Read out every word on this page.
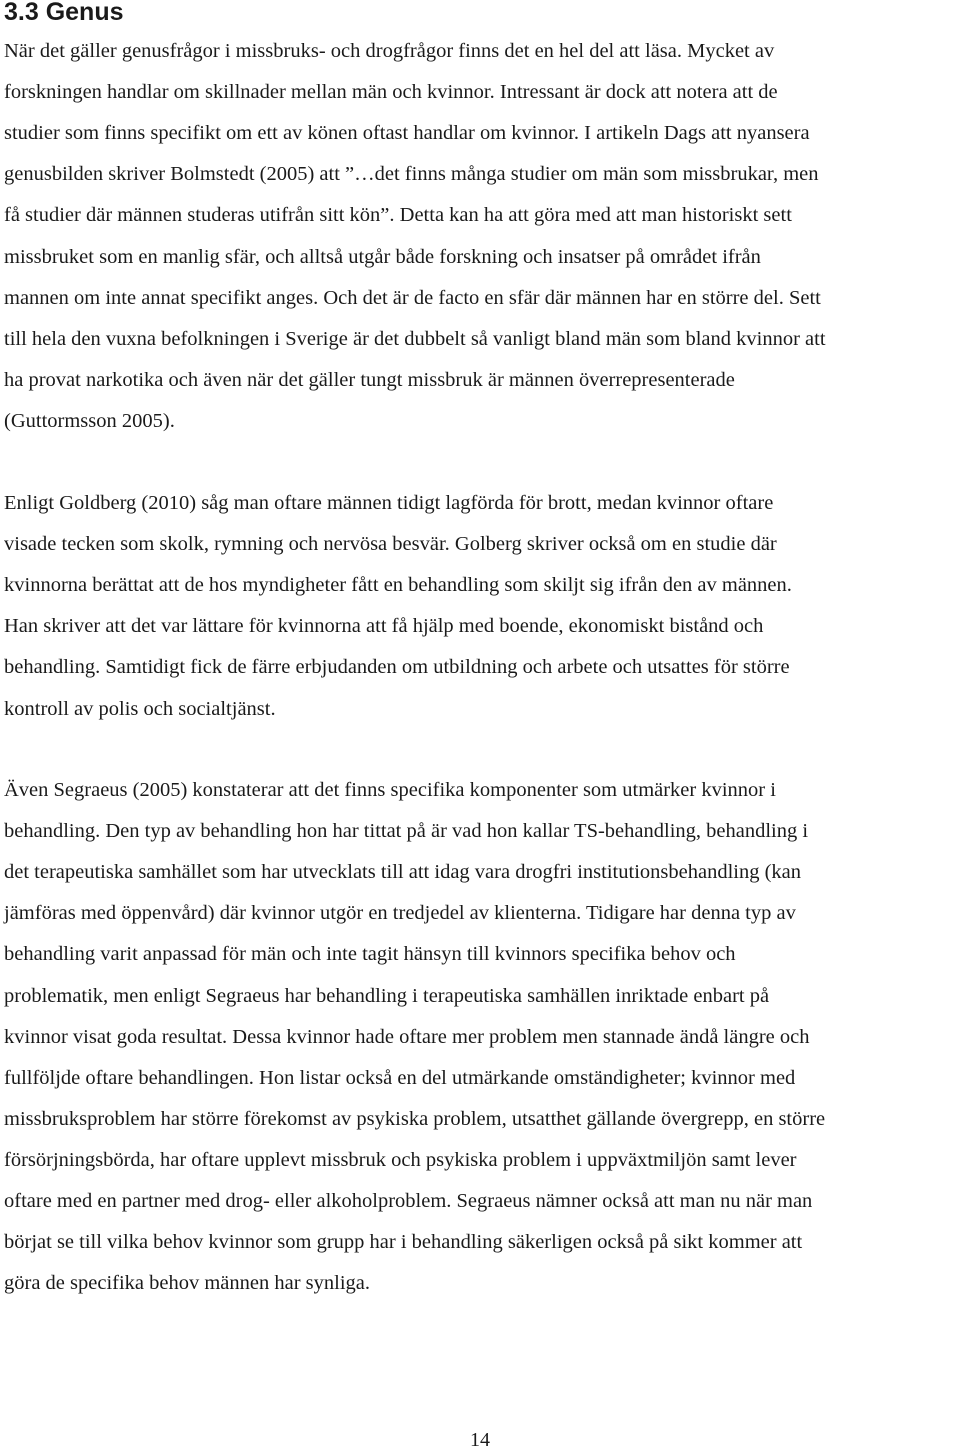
3.3 Genus

När det gäller genusfrågor i missbruks- och drogfrågor finns det en hel del att läsa. Mycket av

forskningen handlar om skillnader mellan män och kvinnor. Intressant är dock att notera att de

studier som finns specifikt om ett av könen oftast handlar om kvinnor. I artikeln Dags att nyansera

genusbilden skriver Bolmstedt (2005) att ”…det finns många studier om män som missbrukar, men

få studier där männen studeras utifrån sitt kön”. Detta kan ha att göra med att man historiskt sett

missbruket som en manlig sfär, och alltså utgår både forskning och insatser på området ifrån

mannen om inte annat specifikt anges. Och det är de facto en sfär där männen har en större del. Sett

till hela den vuxna befolkningen i Sverige är det dubbelt så vanligt bland män som bland kvinnor att

ha provat narkotika och även när det gäller tungt missbruk är männen överrepresenterade

(Guttormsson 2005).

Enligt Goldberg (2010) såg man oftare männen tidigt lagförda för brott, medan kvinnor oftare

visade tecken som skolk, rymning och nervösa besvär. Golberg skriver också om en studie där

kvinnorna berättat att de hos myndigheter fått en behandling som skiljt sig ifrån den av männen.

Han skriver att det var lättare för kvinnorna att få hjälp med boende, ekonomiskt bistånd och

behandling. Samtidigt fick de färre erbjudanden om utbildning och arbete och utsattes för större

kontroll av polis och socialtjänst.

Även Segraeus (2005) konstaterar att det finns specifika komponenter som utmärker kvinnor i

behandling. Den typ av behandling hon har tittat på är vad hon kallar TS-behandling, behandling i

det terapeutiska samhället som har utvecklats till att idag vara drogfri institutionsbehandling (kan

jämföras med öppenvård) där kvinnor utgör en tredjedel av klienterna. Tidigare har denna typ av

behandling varit anpassad för män och inte tagit hänsyn till kvinnors specifika behov och

problematik, men enligt Segraeus har behandling i terapeutiska samhällen inriktade enbart på

kvinnor visat goda resultat. Dessa kvinnor hade oftare mer problem men stannade ändå längre och

fullföljde oftare behandlingen. Hon listar också en del utmärkande omständigheter; kvinnor med

missbruksproblem har större förekomst av psykiska problem, utsatthet gällande övergrepp, en större

försörjningsbörda, har oftare upplevt missbruk och psykiska problem i uppväxtmiljön samt lever

oftare med en partner med drog- eller alkoholproblem. Segraeus nämner också att man nu när man

börjat se till vilka behov kvinnor som grupp har i behandling säkerligen också på sikt kommer att

göra de specifika behov männen har synliga.

14
